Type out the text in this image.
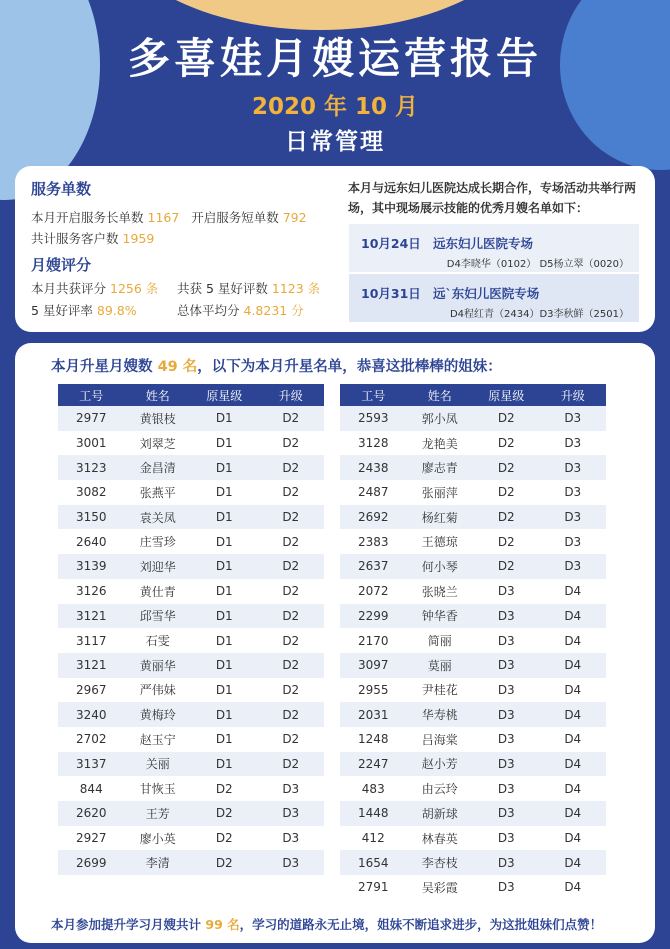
多喜娃月嫂运营报告
2020 年 10 月
日常管理
服务单数
本月开启服务长单数 1167 开启服务短单数 792
共计服务客户数 1959
月嫂评分
本月共获评分 1256 条 共获 5 星好评数 1123 条
5 星好评率 89.8%	总体平均分 4.8231 分
本月与远东妇儿医院达成长期合作，专场活动共举行两场，其中现场展示技能的优秀月嫂名单如下：
10月24日 远东妇儿医院专场
D4李晓华（0102） D5杨立翠（0020）
10月31日 远`东妇儿医院专场
D4程红青（2434）D3李秋鲜（2501）
本月升星月嫂数 49 名，以下为本月升星名单，恭喜这批棒棒的姐妹：
工号	姓名	原星级	升级
2977	黄银枝	D1	D2
3001	刘翠芝	D1	D2
3123	金昌清	D1	D2
3082	张燕平	D1	D2
3150	袁关凤	D1	D2
2640	庄雪珍	D1	D2
3139	刘迎华	D1	D2
3126	黄仕青	D1	D2
3121	邱雪华	D1	D2
3117	石雯	D1	D2
3121	黄丽华	D1	D2
2967	严伟妹	D1	D2
3240	黄梅玲	D1	D2
2702	赵玉宁	D1	D2
3137	关丽	D1	D2
844	甘恢玉	D2	D3
2620	王芳	D2	D3
2927	廖小英	D2	D3
2699	李清	D2	D3
工号	姓名	原星级	升级
2593	郭小凤	D2	D3
3128	龙艳美	D2	D3
2438	廖志青	D2	D3
2487	张丽萍	D2	D3
2692	杨红菊	D2	D3
2383	王德琼	D2	D3
2637	何小琴	D2	D3
2072	张晓兰	D3	D4
2299	钟华香	D3	D4
2170	简丽	D3	D4
3097	莫丽	D3	D4
2955	尹桂花	D3	D4
2031	华寿桃	D3	D4
1248	吕海棠	D3	D4
2247	赵小芳	D3	D4
483	由云玲	D3	D4
1448	胡新球	D3	D4
412	林春英	D3	D4
1654	李杏枝	D3	D4
2791	吴彩霞	D3	D4
本月参加提升学习月嫂共计 99 名，学习的道路永无止境，姐妹不断追求进步，为这批姐妹们点赞！
